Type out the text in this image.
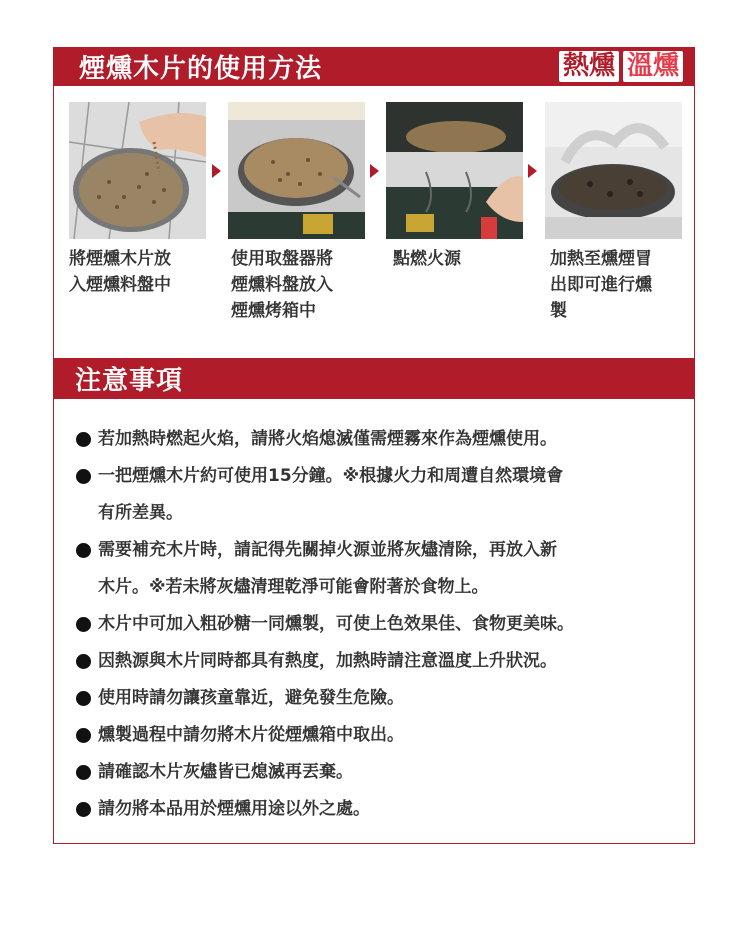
煙燻木片的使用方法	熱燻 溫燻
將煙燻木片放
入煙燻料盤中
使用取盤器將
煙燻料盤放入
煙燻烤箱中
點燃火源	加熱至燻煙冒
出即可進行燻
製
注意事項
若加熱時燃起火焰，請將火焰熄滅僅需煙霧來作為煙燻使用。
一把煙燻木片約可使用15分鐘。※根據火力和周遭自然環境會
有所差異。
需要補充木片時，請記得先關掉火源並將灰燼清除，再放入新
木片。※若未將灰燼清理乾淨可能會附著於食物上。
木片中可加入粗砂糖一同燻製，可使上色效果佳、食物更美味。
因熱源與木片同時都具有熱度，加熱時請注意溫度上升狀況。
使用時請勿讓孩童靠近，避免發生危險。
燻製過程中請勿將木片從煙燻箱中取出。
請確認木片灰燼皆已熄滅再丟棄。
請勿將本品用於煙燻用途以外之處。
